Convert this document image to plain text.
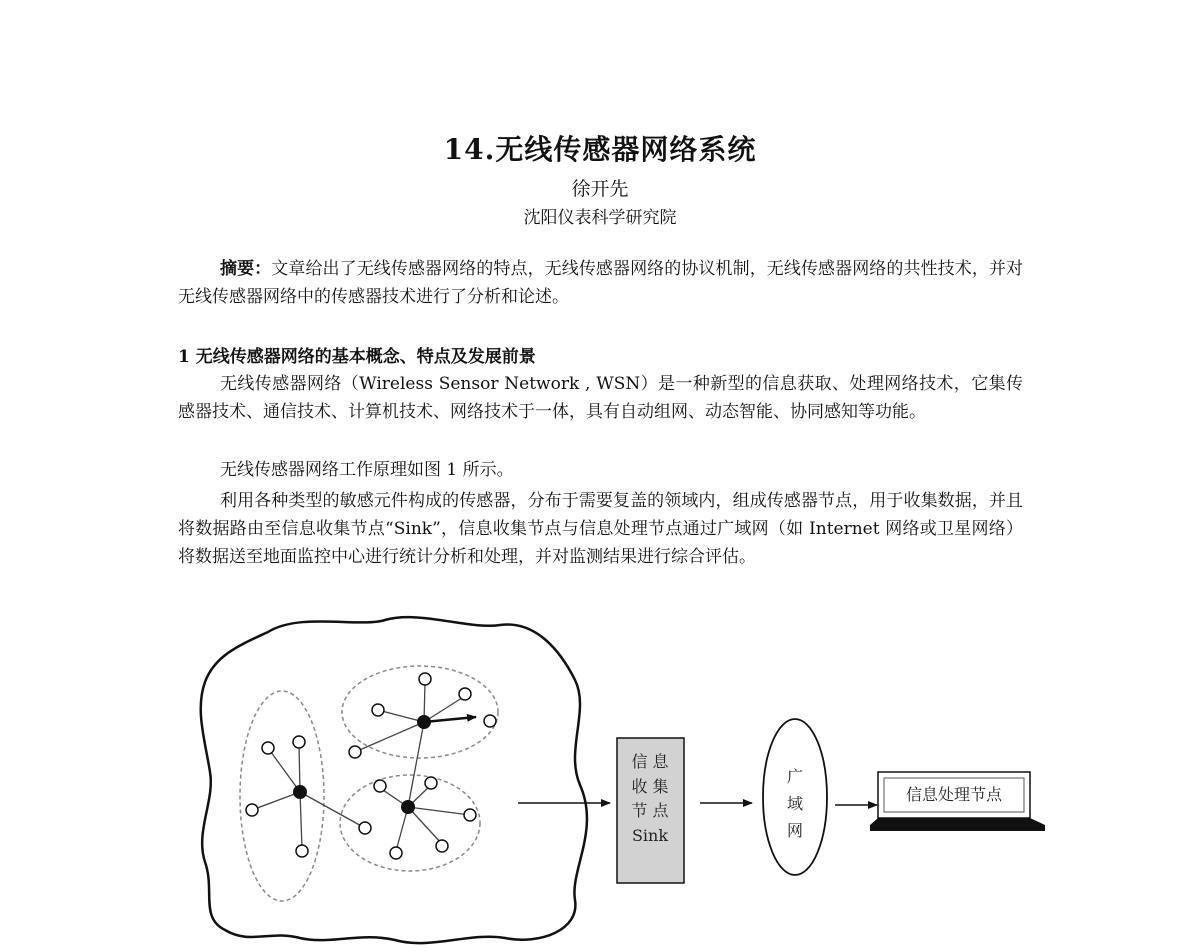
14.无线传感器网络系统
徐开先
沈阳仪表科学研究院

摘要：文章给出了无线传感器网络的特点，无线传感器网络的协议机制，无线传感器网络的共性技术，并对无线传感器网络中的传感器技术进行了分析和论述。

1 无线传感器网络的基本概念、特点及发展前景

无线传感器网络（Wireless Sensor Network , WSN）是一种新型的信息获取、处理网络技术，它集传感器技术、通信技术、计算机技术、网络技术于一体，具有自动组网、动态智能、协同感知等功能。

无线传感器网络工作原理如图 1 所示。

利用各种类型的敏感元件构成的传感器，分布于需要复盖的领域内，组成传感器节点，用于收集数据，并且将数据路由至信息收集节点“Sink”，信息收集节点与信息处理节点通过广域网（如 Internet 网络或卫星网络）将数据送至地面监控中心进行统计分析和处理，并对监测结果进行综合评估。

信 息
收 集
节 点
Sink
广
域
网
信息处理节点
